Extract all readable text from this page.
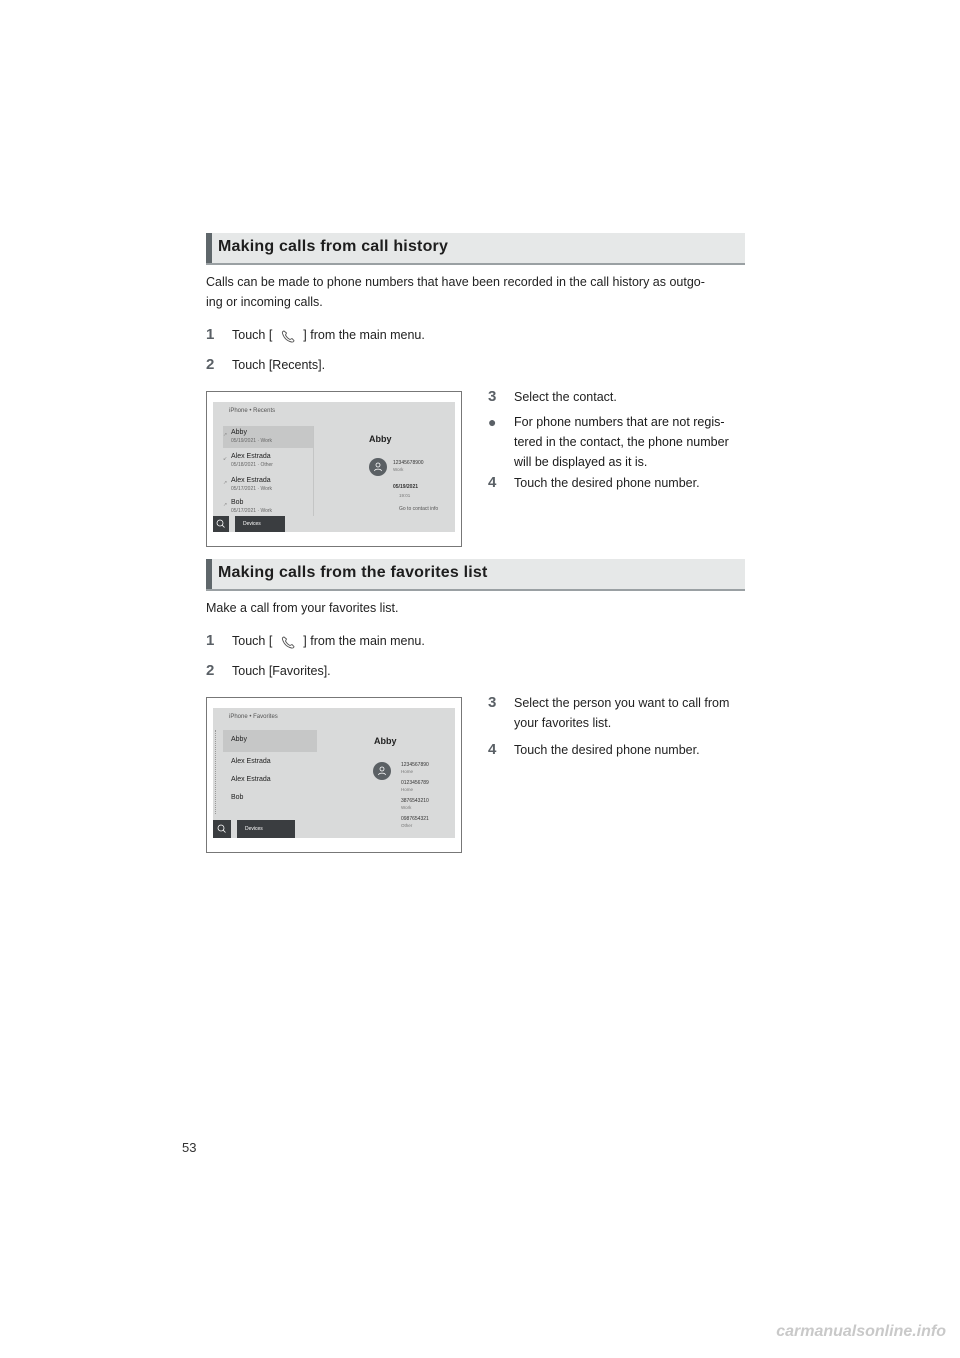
Making calls from call history
Calls can be made to phone numbers that have been recorded in the call history as outgo-
ing or incoming calls.
1	Touch [ ] from the main menu.
2	Touch [Recents].
iPhone • Recents
↗ Abby
05/19/2021 · Work
↙ Alex Estrada
05/18/2021 · Other
↗ Alex Estrada
05/17/2021 · Work
↗ Bob
05/17/2021 · Work
Abby
12345678900
Work
05/19/2021
19:01
Go to contact info
Devices
3	Select the contact.
●	For phone numbers that are not regis-
tered in the contact, the phone number
will be displayed as it is.
4	Touch the desired phone number.
Making calls from the favorites list
Make a call from your favorites list.
1	Touch [ ] from the main menu.
2	Touch [Favorites].
iPhone • Favorites
Abby
Alex Estrada
Alex Estrada
Bob
Abby
1234567890
Home
0123456789
Home
3876543210
Work
0987654321
Other
Devices
3	Select the person you want to call from
your favorites list.
4	Touch the desired phone number.
53
carmanualsonline.info
